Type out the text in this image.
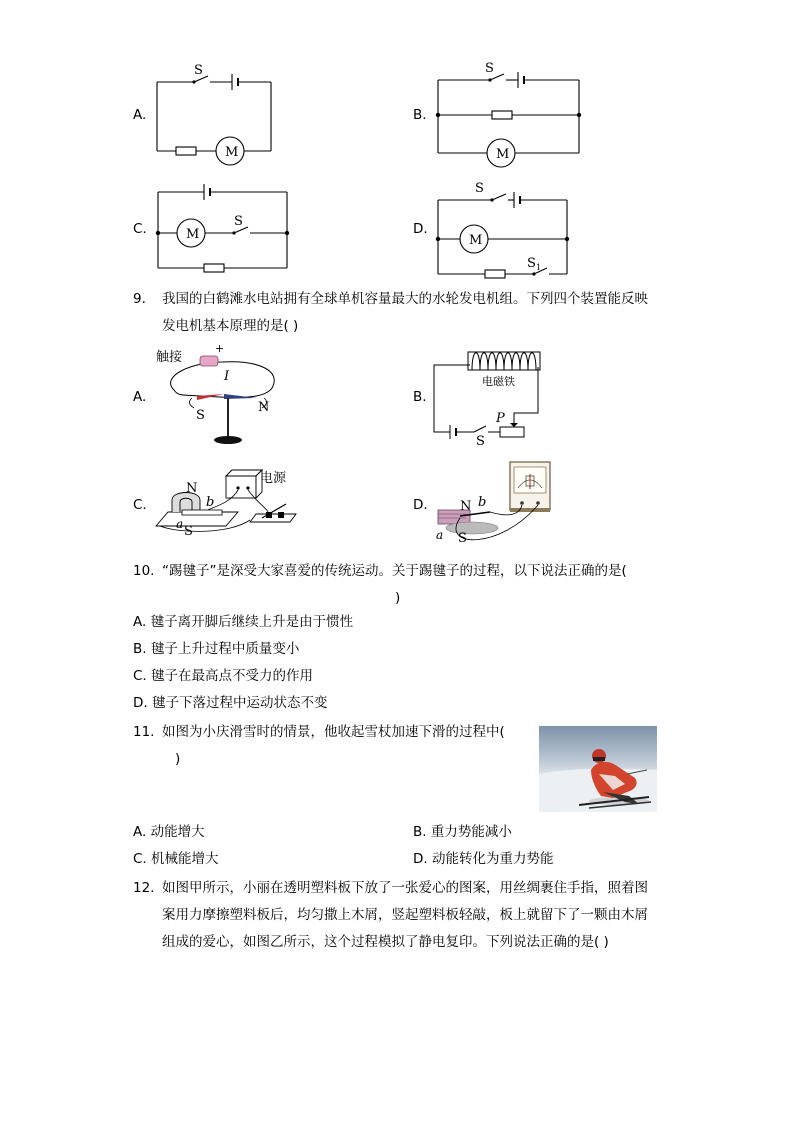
A.
S
M
B.
S
M
C.	S
M	D.
S
M
S 1
9. 我国的白鹤滩水电站拥有全球单机容量最大的水轮发电机组。下列四个装置能反映
发电机基本原理的是( )
A.
触接
+
I
S
N
B.
电磁铁
P
S
C.
N
b
a S
电源
D. N b
a S
10. “踢毽子”是深受大家喜爱的传统运动。关于踢毽子的过程，以下说法正确的是(
)
A. 毽子离开脚后继续上升是由于惯性
B. 毽子上升过程中质量变小
C. 毽子在最高点不受力的作用
D. 毽子下落过程中运动状态不变
11. 如图为小庆滑雪时的情景，他收起雪杖加速下滑的过程中(
)
A. 动能增大	B. 重力势能减小
C. 机械能增大	D. 动能转化为重力势能
12. 如图甲所示，小丽在透明塑料板下放了一张爱心的图案，用丝绸裹住手指，照着图
案用力摩擦塑料板后，均匀撒上木屑，竖起塑料板轻敲，板上就留下了一颗由木屑
组成的爱心，如图乙所示，这个过程模拟了静电复印。下列说法正确的是( )
